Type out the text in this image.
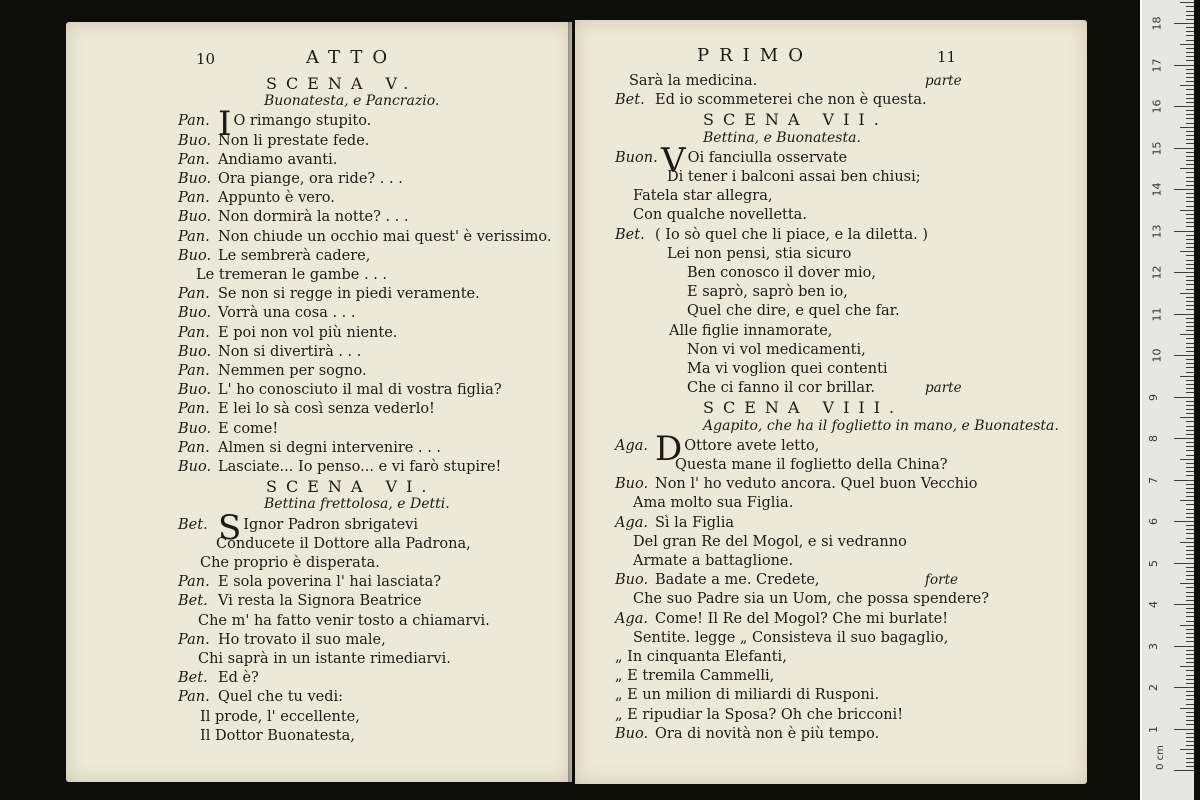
10	ATTO
SCENA V.
Buonatesta, e Pancrazio.
Pan. I O rimango stupito.
Buo. Non li prestate fede.
Pan. Andiamo avanti.
Buo. Ora piange, ora ride? . . .
Pan. Appunto è vero.
Buo. Non dormirà la notte? . . .
Pan. Non chiude un occhio mai quest' è verissimo.
Buo. Le sembrerà cadere,
Le tremeran le gambe . . .
Pan. Se non si regge in piedi veramente.
Buo. Vorrà una cosa . . .
Pan. E poi non vol più niente.
Buo. Non si divertirà . . .
Pan. Nemmen per sogno.
Buo. L' ho conosciuto il mal di vostra figlia?
Pan. E lei lo sà così senza vederlo!
Buo. E come!
Pan. Almen si degni intervenire . . .
Buo. Lasciate... Io penso... e vi farò stupire!
SCENA VI.
Bettina frettolosa, e Detti.
Bet. S Ignor Padron sbrigatevi
Conducete il Dottore alla Padrona,
Che proprio è disperata.
Pan. E sola poverina l' hai lasciata?
Bet. Vi resta la Signora Beatrice
Che m' ha fatto venir tosto a chiamarvi.
Pan. Ho trovato il suo male,
Chi saprà in un istante rimediarvi.
Bet. Ed è?
Pan. Quel che tu vedi:
Il prode, l' eccellente,
Il Dottor Buonatesta,
PRIMO	11
parte
Sarà la medicina.
Bet. Ed io scommeterei che non è questa.
SCENA VII.
Bettina, e Buonatesta.
Buon.V Oi fanciulla osservate
Di tener i balconi assai ben chiusi;
Fatela star allegra,
Con qualche novelletta.
Bet. ( Io sò quel che li piace, e la diletta. )
Lei non pensi, stia sicuro
Ben conosco il dover mio,
E saprò, saprò ben io,
Quel che dire, e quel che far.
Alle figlie innamorate,
Non vi vol medicamenti,
Ma vi voglion quei contenti
parte
Che ci fanno il cor brillar.
SCENA VIII.
Agapito, che ha il foglietto in mano, e Buonatesta.
Aga. D Ottore avete letto,
Questa mane il foglietto della China?
Buo. Non l' ho veduto ancora. Quel buon Vecchio
Ama molto sua Figlia.
Aga. Sì la Figlia
Del gran Re del Mogol, e si vedranno
Armate a battaglione.
forte
Buo. Badate a me. Credete,
Che suo Padre sia un Uom, che possa spendere?
Aga. Come! Il Re del Mogol? Che mi burlate!
Sentite. legge „ Consisteva il suo bagaglio,
„ In cinquanta Elefanti,
„ E tremila Cammelli,
„ E un milion di miliardi di Rusponi.
„ E ripudiar la Sposa? Oh che bricconi!
Buo. Ora di novità non è più tempo.
0 cm
1
2
3
4
5
6
7
8
9
10
11
12
13
14
15
16
17
18
